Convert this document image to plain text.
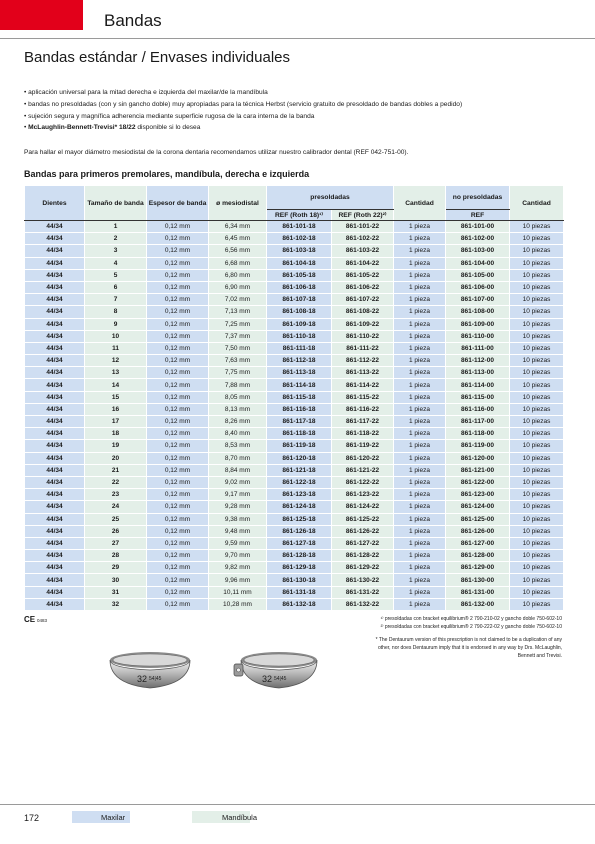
Bandas
Bandas estándar / Envases individuales
• aplicación universal para la mitad derecha e izquierda del maxilar/de la mandíbula
• bandas no presoldadas (con y sin gancho doble) muy apropiadas para la técnica Herbst (servicio gratuito de presoldado de bandas dobles a pedido)
• sujeción segura y magnífica adherencia mediante superficie rugosa de la cara interna de la banda
• McLaughlin-Bennett-Trevisi* 18/22 disponible si lo desea
Para hallar el mayor diámetro mesiodistal de la corona dentaria recomendamos utilizar nuestro calibrador dental (REF 042-751-00).
Bandas para primeros premolares, mandíbula, derecha e izquierda
Dientes	Tamaño de banda	Espesor de banda	ø mesiodistal	presoldadas		Cantidad	no presoldadas	Cantidad
				REF (Roth 18)¹⁾	REF (Roth 22)²⁾		REF	
44/34	1	0,12 mm	6,34 mm	861-101-18	861-101-22	1 pieza	861-101-00	10 piezas
44/34	2	0,12 mm	6,45 mm	861-102-18	861-102-22	1 pieza	861-102-00	10 piezas
44/34	3	0,12 mm	6,56 mm	861-103-18	861-103-22	1 pieza	861-103-00	10 piezas
44/34	4	0,12 mm	6,68 mm	861-104-18	861-104-22	1 pieza	861-104-00	10 piezas
44/34	5	0,12 mm	6,80 mm	861-105-18	861-105-22	1 pieza	861-105-00	10 piezas
44/34	6	0,12 mm	6,90 mm	861-106-18	861-106-22	1 pieza	861-106-00	10 piezas
44/34	7	0,12 mm	7,02 mm	861-107-18	861-107-22	1 pieza	861-107-00	10 piezas
44/34	8	0,12 mm	7,13 mm	861-108-18	861-108-22	1 pieza	861-108-00	10 piezas
44/34	9	0,12 mm	7,25 mm	861-109-18	861-109-22	1 pieza	861-109-00	10 piezas
44/34	10	0,12 mm	7,37 mm	861-110-18	861-110-22	1 pieza	861-110-00	10 piezas
44/34	11	0,12 mm	7,50 mm	861-111-18	861-111-22	1 pieza	861-111-00	10 piezas
44/34	12	0,12 mm	7,63 mm	861-112-18	861-112-22	1 pieza	861-112-00	10 piezas
44/34	13	0,12 mm	7,75 mm	861-113-18	861-113-22	1 pieza	861-113-00	10 piezas
44/34	14	0,12 mm	7,88 mm	861-114-18	861-114-22	1 pieza	861-114-00	10 piezas
44/34	15	0,12 mm	8,05 mm	861-115-18	861-115-22	1 pieza	861-115-00	10 piezas
44/34	16	0,12 mm	8,13 mm	861-116-18	861-116-22	1 pieza	861-116-00	10 piezas
44/34	17	0,12 mm	8,26 mm	861-117-18	861-117-22	1 pieza	861-117-00	10 piezas
44/34	18	0,12 mm	8,40 mm	861-118-18	861-118-22	1 pieza	861-118-00	10 piezas
44/34	19	0,12 mm	8,53 mm	861-119-18	861-119-22	1 pieza	861-119-00	10 piezas
44/34	20	0,12 mm	8,70 mm	861-120-18	861-120-22	1 pieza	861-120-00	10 piezas
44/34	21	0,12 mm	8,84 mm	861-121-18	861-121-22	1 pieza	861-121-00	10 piezas
44/34	22	0,12 mm	9,02 mm	861-122-18	861-122-22	1 pieza	861-122-00	10 piezas
44/34	23	0,12 mm	9,17 mm	861-123-18	861-123-22	1 pieza	861-123-00	10 piezas
44/34	24	0,12 mm	9,28 mm	861-124-18	861-124-22	1 pieza	861-124-00	10 piezas
44/34	25	0,12 mm	9,38 mm	861-125-18	861-125-22	1 pieza	861-125-00	10 piezas
44/34	26	0,12 mm	9,48 mm	861-126-18	861-126-22	1 pieza	861-126-00	10 piezas
44/34	27	0,12 mm	9,59 mm	861-127-18	861-127-22	1 pieza	861-127-00	10 piezas
44/34	28	0,12 mm	9,70 mm	861-128-18	861-128-22	1 pieza	861-128-00	10 piezas
44/34	29	0,12 mm	9,82 mm	861-129-18	861-129-22	1 pieza	861-129-00	10 piezas
44/34	30	0,12 mm	9,96 mm	861-130-18	861-130-22	1 pieza	861-130-00	10 piezas
44/34	31	0,12 mm	10,11 mm	861-131-18	861-131-22	1 pieza	861-131-00	10 piezas
44/34	32	0,12 mm	10,28 mm	861-132-18	861-132-22	1 pieza	861-132-00	10 piezas
CE 0483	¹⁾ presoldadas con bracket equilibrium® 2 790-210-02 y gancho doble 750-602-10
²⁾ presoldadas con bracket equilibrium® 2 790-222-02 y gancho doble 750-602-10
* The Dentaurum version of this prescription is not claimed to be a duplication of any other, nor does Dentaurum imply that it is endorsed in any way by Drs. McLaughlin, Bennett and Trevisi.
32 54|45	32 54|45
172	Maxilar	Mandíbula
